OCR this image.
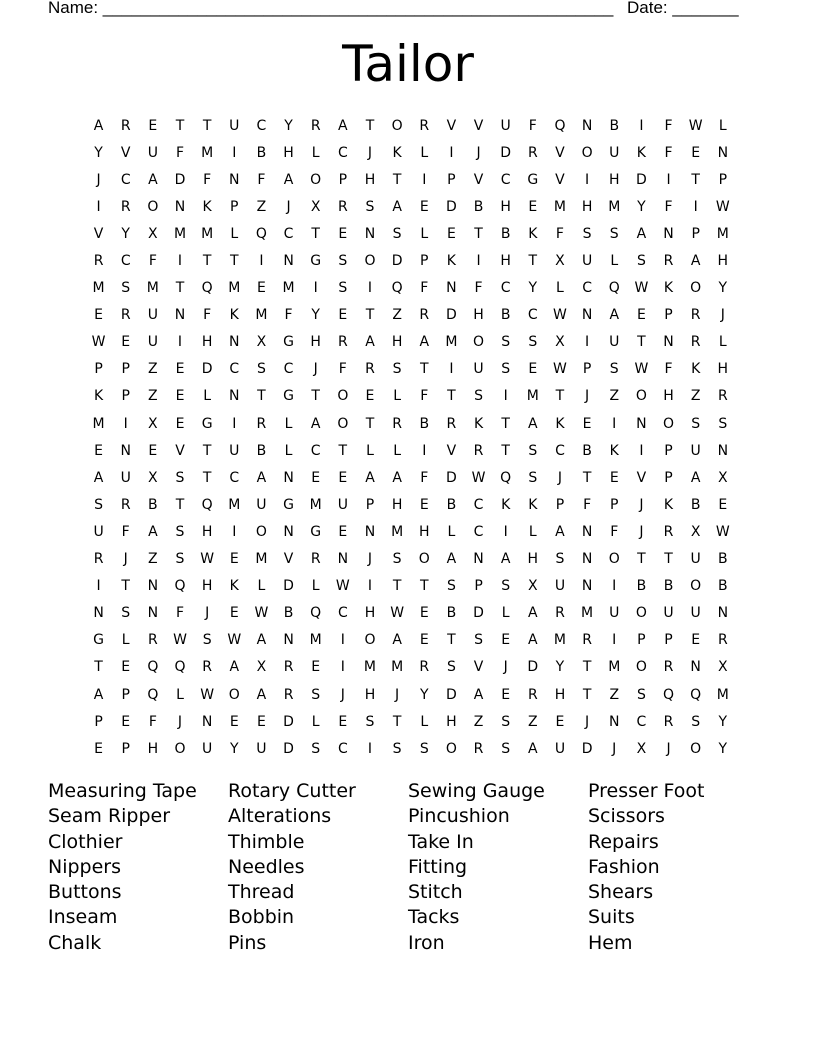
Name: ______________________________________________________ Date: _______
Tailor
A	R	E	T	T	U	C	Y	R	A	T	O	R	V	V	U	F	Q	N	B	I	F	W	L
Y	V	U	F	M	I	B	H	L	C	J	K	L	I	J	D	R	V	O	U	K	F	E	N
J	C	A	D	F	N	F	A	O	P	H	T	I	P	V	C	G	V	I	H	D	I	T	P
I	R	O	N	K	P	Z	J	X	R	S	A	E	D	B	H	E	M	H	M	Y	F	I	W
V	Y	X	M	M	L	Q	C	T	E	N	S	L	E	T	B	K	F	S	S	A	N	P	M
R	C	F	I	T	T	I	N	G	S	O	D	P	K	I	H	T	X	U	L	S	R	A	H
M	S	M	T	Q	M	E	M	I	S	I	Q	F	N	F	C	Y	L	C	Q	W	K	O	Y
E	R	U	N	F	K	M	F	Y	E	T	Z	R	D	H	B	C	W	N	A	E	P	R	J
W	E	U	I	H	N	X	G	H	R	A	H	A	M	O	S	S	X	I	U	T	N	R	L
P	P	Z	E	D	C	S	C	J	F	R	S	T	I	U	S	E	W	P	S	W	F	K	H
K	P	Z	E	L	N	T	G	T	O	E	L	F	T	S	I	M	T	J	Z	O	H	Z	R
M	I	X	E	G	I	R	L	A	O	T	R	B	R	K	T	A	K	E	I	N	O	S	S
E	N	E	V	T	U	B	L	C	T	L	L	I	V	R	T	S	C	B	K	I	P	U	N
A	U	X	S	T	C	A	N	E	E	A	A	F	D	W	Q	S	J	T	E	V	P	A	X
S	R	B	T	Q	M	U	G	M	U	P	H	E	B	C	K	K	P	F	P	J	K	B	E
U	F	A	S	H	I	O	N	G	E	N	M	H	L	C	I	L	A	N	F	J	R	X	W
R	J	Z	S	W	E	M	V	R	N	J	S	O	A	N	A	H	S	N	O	T	T	U	B
I	T	N	Q	H	K	L	D	L	W	I	T	T	S	P	S	X	U	N	I	B	B	O	B
N	S	N	F	J	E	W	B	Q	C	H	W	E	B	D	L	A	R	M	U	O	U	U	N
G	L	R	W	S	W	A	N	M	I	O	A	E	T	S	E	A	M	R	I	P	P	E	R
T	E	Q	Q	R	A	X	R	E	I	M	M	R	S	V	J	D	Y	T	M	O	R	N	X
A	P	Q	L	W	O	A	R	S	J	H	J	Y	D	A	E	R	H	T	Z	S	Q	Q	M
P	E	F	J	N	E	E	D	L	E	S	T	L	H	Z	S	Z	E	J	N	C	R	S	Y
E	P	H	O	U	Y	U	D	S	C	I	S	S	O	R	S	A	U	D	J	X	J	O	Y
Measuring Tape	Rotary Cutter	Sewing Gauge	Presser Foot
Seam Ripper	Alterations	Pincushion	Scissors
Clothier	Thimble	Take In	Repairs
Nippers	Needles	Fitting	Fashion
Buttons	Thread	Stitch	Shears
Inseam	Bobbin	Tacks	Suits
Chalk	Pins	Iron	Hem
